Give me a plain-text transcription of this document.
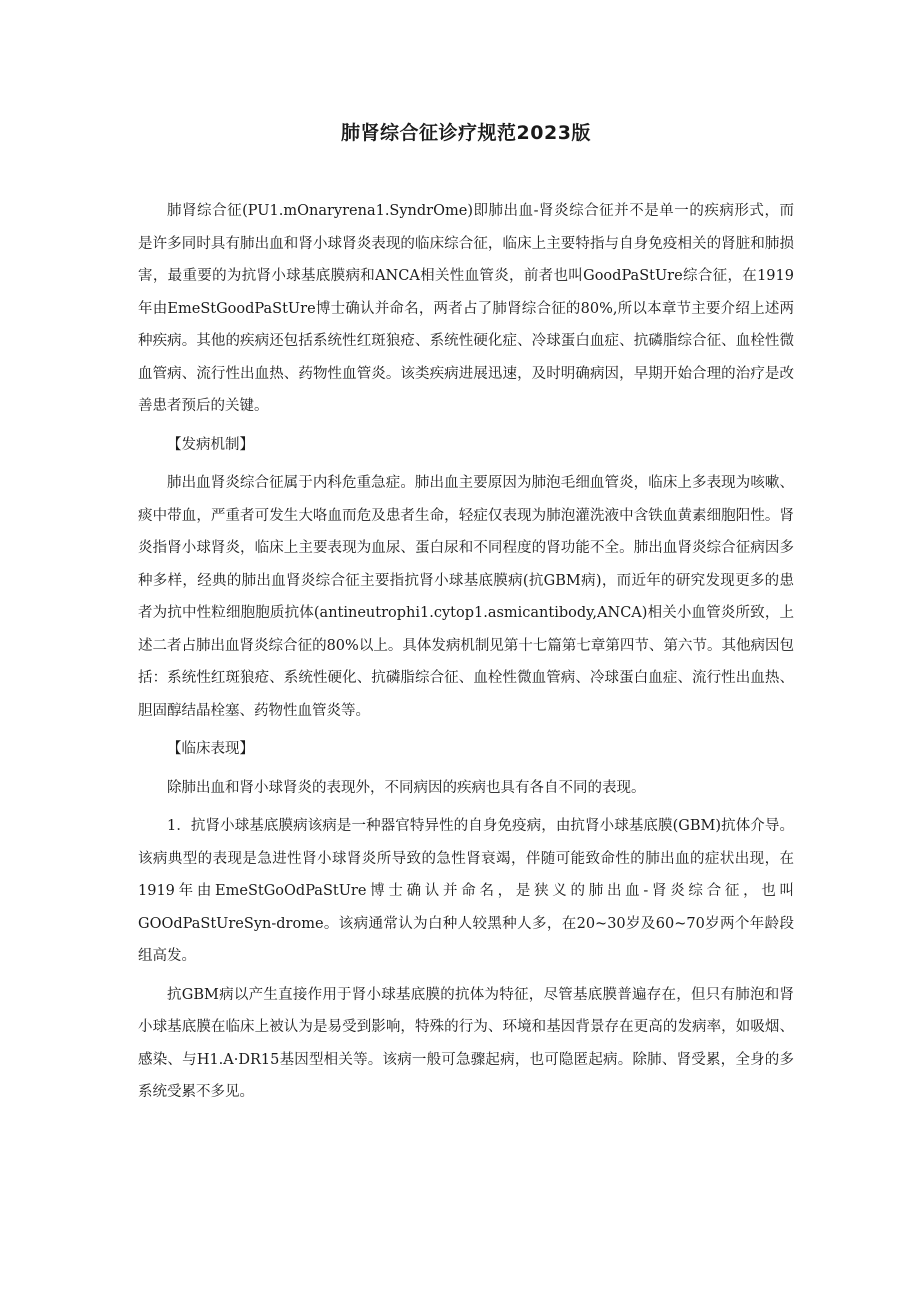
肺肾综合征诊疗规范2023版

肺肾综合征(PU1.mOnaryrena1.SyndrOme)即肺出血-肾炎综合征并不是单一的疾病形式，而是许多同时具有肺出血和肾小球肾炎表现的临床综合征，临床上主要特指与自身免疫相关的肾脏和肺损害，最重要的为抗肾小球基底膜病和ANCA相关性血管炎，前者也叫GoodPaStUre综合征，在1919年由EmeStGoodPaStUre博士确认并命名，两者占了肺肾综合征的80%,所以本章节主要介绍上述两种疾病。其他的疾病还包括系统性红斑狼疮、系统性硬化症、冷球蛋白血症、抗磷脂综合征、血栓性微血管病、流行性出血热、药物性血管炎。该类疾病进展迅速，及时明确病因，早期开始合理的治疗是改善患者预后的关键。

【发病机制】

肺出血肾炎综合征属于内科危重急症。肺出血主要原因为肺泡毛细血管炎，临床上多表现为咳嗽、痰中带血，严重者可发生大咯血而危及患者生命，轻症仅表现为肺泡灌洗液中含铁血黄素细胞阳性。肾炎指肾小球肾炎，临床上主要表现为血尿、蛋白尿和不同程度的肾功能不全。肺出血肾炎综合征病因多种多样，经典的肺出血肾炎综合征主要指抗肾小球基底膜病(抗GBM病)，而近年的研究发现更多的患者为抗中性粒细胞胞质抗体(antineutrophi1.cytop1.asmicantibody,ANCA)相关小血管炎所致，上述二者占肺出血肾炎综合征的80%以上。具体发病机制见第十七篇第七章第四节、第六节。其他病因包括：系统性红斑狼疮、系统性硬化、抗磷脂综合征、血栓性微血管病、冷球蛋白血症、流行性出血热、胆固醇结晶栓塞、药物性血管炎等。

【临床表现】

除肺出血和肾小球肾炎的表现外，不同病因的疾病也具有各自不同的表现。

1．抗肾小球基底膜病该病是一种器官特异性的自身免疫病，由抗肾小球基底膜(GBM)抗体介导。该病典型的表现是急进性肾小球肾炎所导致的急性肾衰竭，伴随可能致命性的肺出血的症状出现，在1919年由EmeStGoOdPaStUre博士确认并命名，是狭义的肺出血-肾炎综合征，也叫GOOdPaStUreSyn-drome。该病通常认为白种人较黑种人多，在20~30岁及60~70岁两个年龄段组高发。

抗GBM病以产生直接作用于肾小球基底膜的抗体为特征，尽管基底膜普遍存在，但只有肺泡和肾小球基底膜在临床上被认为是易受到影响，特殊的行为、环境和基因背景存在更高的发病率，如吸烟、感染、与H1.A·DR15基因型相关等。该病一般可急骤起病，也可隐匿起病。除肺、肾受累，全身的多系统受累不多见。
